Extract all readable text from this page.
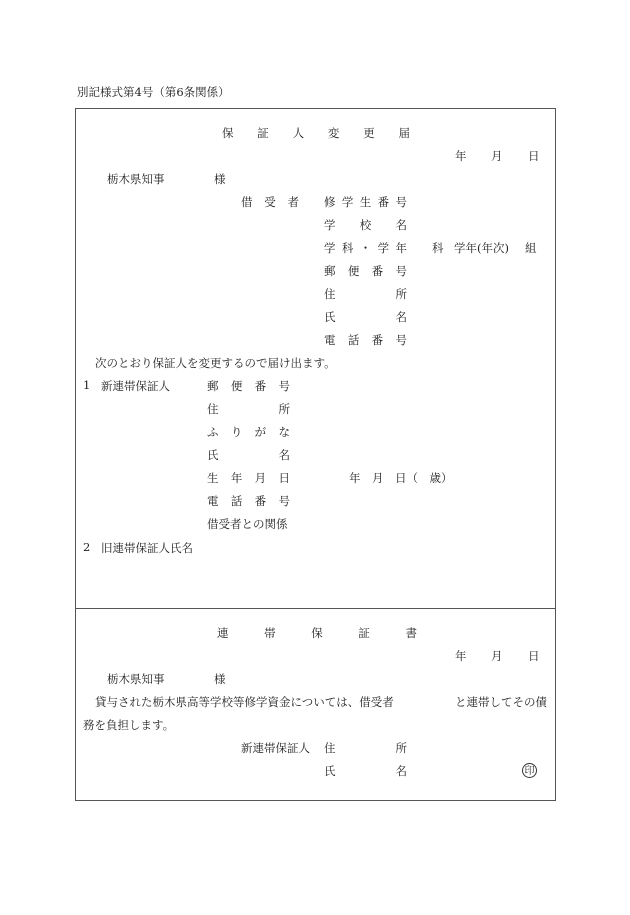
別記様式第4号（第6条関係）
保 証 人 変 更 届
年 月 日
栃木県知事	様
借 受 者 修 学 生 番 号
学 校 名
学 科 ・ 学 年 科 学年(年次) 組
郵 便 番 号
住	所
氏	名
電 話 番 号
次のとおり保証人を変更するので届け出ます。
1 新連帯保証人	郵 便 番 号
住	所
ふ り が な
氏	名
生 年 月 日	年　月　日（　歳）
電 話 番 号
借受者との関係
2 旧連帯保証人氏名
連	帯	保	証	書
年 月 日
栃木県知事	様
貸与された栃木県高等学校等修学資金については、借受者	と連帯してその債
務を負担します。
新連帯保証人 住	所
氏	名	印
